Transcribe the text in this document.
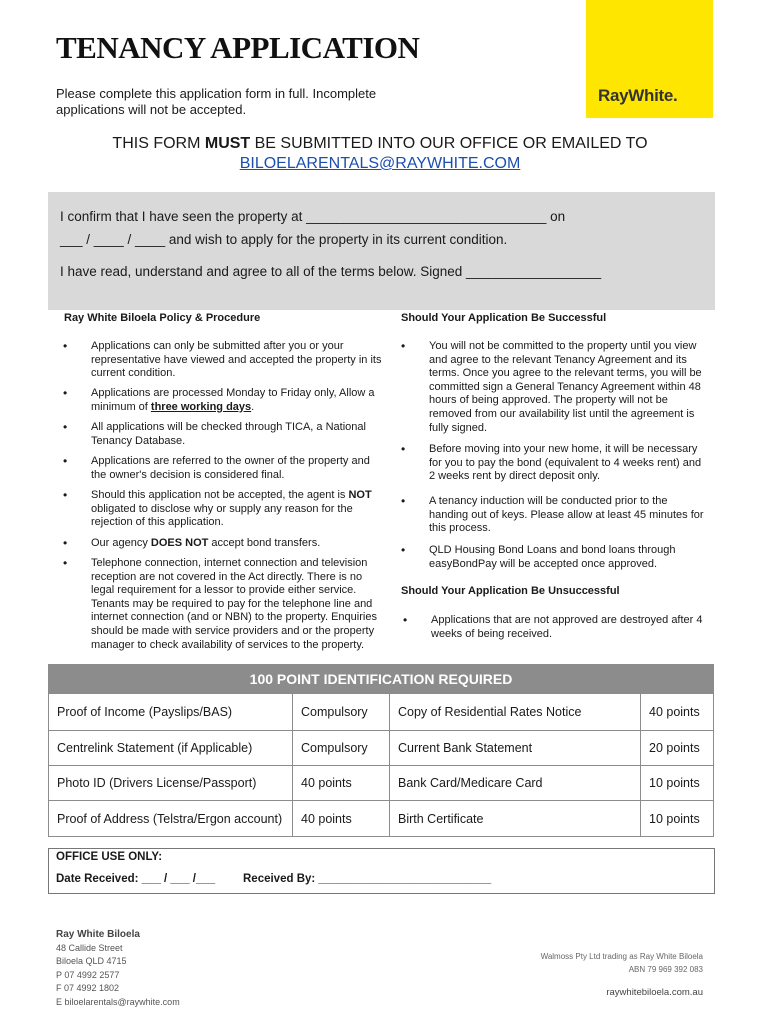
TENANCY APPLICATION
Please complete this application form in full. Incomplete applications will not be accepted.
RayWhite.
THIS FORM MUST BE SUBMITTED INTO OUR OFFICE OR EMAILED TO
BILOELARENTALS@RAYWHITE.COM
I confirm that I have seen the property at ________________________________ on
___ / ____ / ____ and wish to apply for the property in its current condition.
I have read, understand and agree to all of the terms below. Signed __________________
Ray White Biloela Policy & Procedure
• Applications can only be submitted after you or your representative have viewed and accepted the property in its current condition.
• Applications are processed Monday to Friday only, Allow a minimum of three working days.
• All applications will be checked through TICA, a National Tenancy Database.
• Applications are referred to the owner of the property and the owner's decision is considered final.
• Should this application not be accepted, the agent is NOT obligated to disclose why or supply any reason for the rejection of this application.
• Our agency DOES NOT accept bond transfers.
• Telephone connection, internet connection and television reception are not covered in the Act directly. There is no legal requirement for a lessor to provide either service. Tenants may be required to pay for the telephone line and internet connection (and or NBN) to the property. Enquiries should be made with service providers and or the property manager to check availability of services to the property.
Should Your Application Be Successful
• You will not be committed to the property until you view and agree to the relevant Tenancy Agreement and its terms. Once you agree to the relevant terms, you will be committed sign a General Tenancy Agreement within 48 hours of being approved. The property will not be removed from our availability list until the agreement is fully signed.
• Before moving into your new home, it will be necessary for you to pay the bond (equivalent to 4 weeks rent) and 2 weeks rent by direct deposit only.
• A tenancy induction will be conducted prior to the handing out of keys. Please allow at least 45 minutes for this process.
• QLD Housing Bond Loans and bond loans through easyBondPay will be accepted once approved.
Should Your Application Be Unsuccessful
• Applications that are not approved are destroyed after 4 weeks of being received.
100 POINT IDENTIFICATION REQUIRED			
Proof of Income (Payslips/BAS)	Compulsory	Copy of Residential Rates Notice	40 points
Centrelink Statement (if Applicable)	Compulsory	Current Bank Statement	20 points
Photo ID (Drivers License/Passport)	40 points	Bank Card/Medicare Card	10 points
Proof of Address (Telstra/Ergon account)	40 points	Birth Certificate	10 points
OFFICE USE ONLY:
Date Received: ___ / ___ /___ Received By: ___________________________
Ray White Biloela
48 Callide Street
Biloela QLD 4715
P 07 4992 2577
F 07 4992 1802
E biloelarentals@raywhite.com
Walmoss Pty Ltd trading as Ray White Biloela
ABN 79 969 392 083
raywhitebiloela.com.au
